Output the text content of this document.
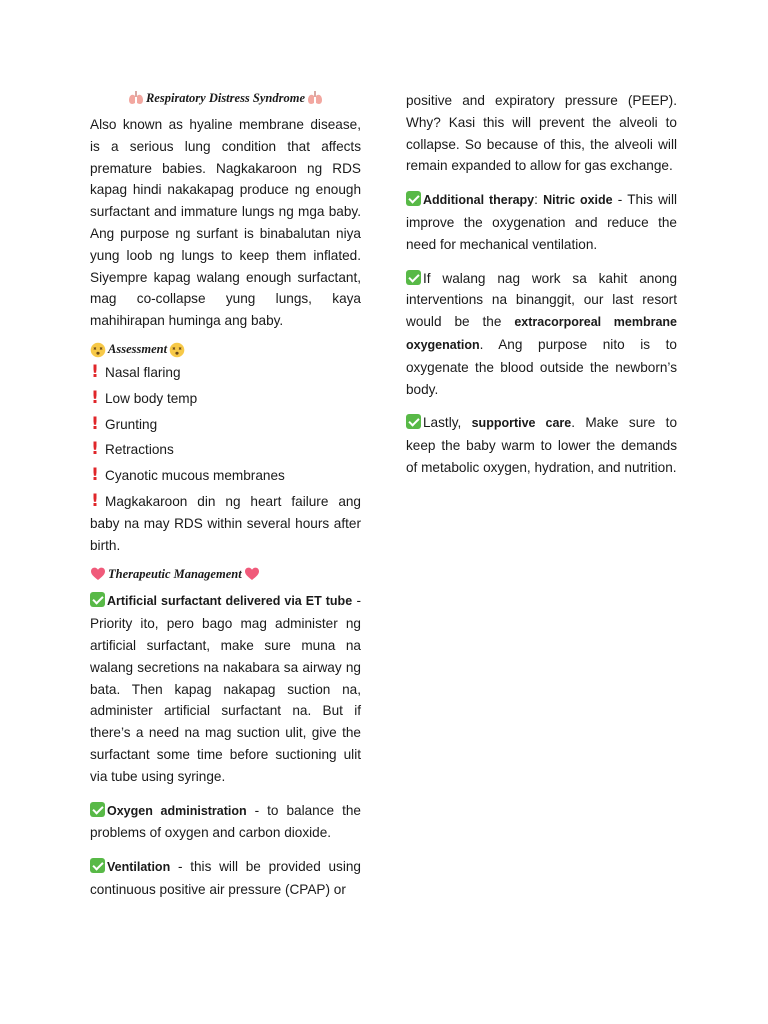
Respiratory Distress Syndrome

Also known as hyaline membrane disease, is a serious lung condition that affects premature babies. Nagkakaroon ng RDS kapag hindi nakakapag produce ng enough surfactant and immature lungs ng mga baby. Ang purpose ng surfant is binabalutan niya yung loob ng lungs to keep them inflated. Siyempre kapag walang enough surfactant, mag co-collapse yung lungs, kaya mahihirapan huminga ang baby.

Assessment

! Nasal flaring

! Low body temp

! Grunting

! Retractions

! Cyanotic mucous membranes

! Magkakaroon din ng heart failure ang baby na may RDS within several hours after birth.

Therapeutic Management

Artificial surfactant delivered via ET tube - Priority ito, pero bago mag administer ng artificial surfactant, make sure muna na walang secretions na nakabara sa airway ng bata. Then kapag nakapag suction na, administer artificial surfactant na. But if there’s a need na mag suction ulit, give the surfactant some time before suctioning ulit via tube using syringe.

Oxygen administration - to balance the problems of oxygen and carbon dioxide.

Ventilation - this will be provided using continuous positive air pressure (CPAP) or

positive and expiratory pressure (PEEP). Why? Kasi this will prevent the alveoli to collapse. So because of this, the alveoli will remain expanded to allow for gas exchange.

Additional therapy: Nitric oxide - This will improve the oxygenation and reduce the need for mechanical ventilation.

If walang nag work sa kahit anong interventions na binanggit, our last resort would be the extracorporeal membrane oxygenation. Ang purpose nito is to oxygenate the blood outside the newborn’s body.

Lastly, supportive care. Make sure to keep the baby warm to lower the demands of metabolic oxygen, hydration, and nutrition.
